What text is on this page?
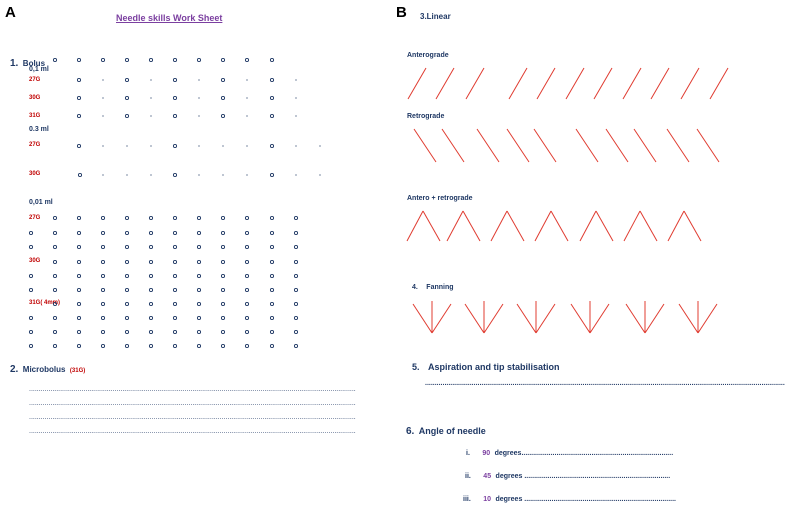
A	B
Needle skills Work Sheet
1. Bolus
0,1 ml
27G
30G
31G
0.3 ml
27G
30G
0,01 ml
27G
30G
31G( 4mm)
2. Microbolus (31G)
........................................................................................................................................................................
........................................................................................................................................................................
........................................................................................................................................................................
........................................................................................................................................................................
3.Linear
Anterograde
Retrograde
Antero + retrograde
4. Fanning
5. Aspiration and tip stabilisation
.........................................................................................................................................................................................
6. Angle of needle
i. 90 degrees..............................................................................
ii. 45 degrees ...........................................................................
iii. 10 degrees ..............................................................................
